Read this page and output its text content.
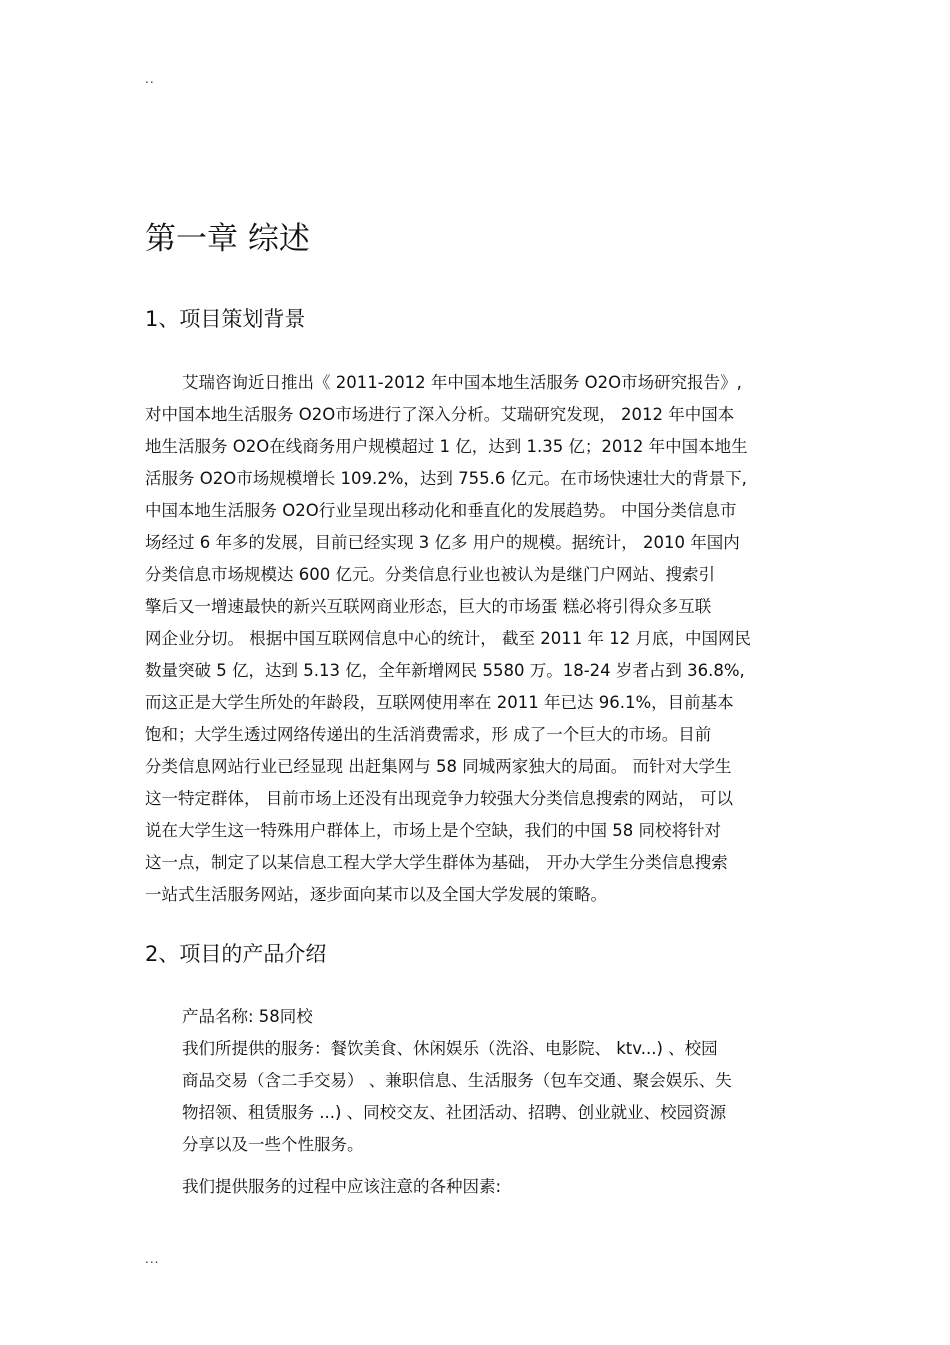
..
第一章 综述
1、项目策划背景
艾瑞咨询近日推出《 2011-2012 年中国本地生活服务 O2O市场研究报告》,
对中国本地生活服务 O2O市场进行了深入分析。艾瑞研究发现， 2012 年中国本
地生活服务 O2O在线商务用户规模超过 1 亿，达到 1.35 亿；2012 年中国本地生
活服务 O2O市场规模增长 109.2%，达到 755.6 亿元。在市场快速壮大的背景下,
中国本地生活服务 O2O行业呈现出移动化和垂直化的发展趋势。 中国分类信息市
场经过 6 年多的发展，目前已经实现 3 亿多 用户的规模。据统计， 2010 年国内
分类信息市场规模达 600 亿元。分类信息行业也被认为是继门户网站、搜索引
擎后又一增速最快的新兴互联网商业形态，巨大的市场蛋 糕必将引得众多互联
网企业分切。 根据中国互联网信息中心的统计， 截至 2011 年 12 月底，中国网民
数量突破 5 亿，达到 5.13 亿，全年新增网民 5580 万。18-24 岁者占到 36.8%,
而这正是大学生所处的年龄段，互联网使用率在 2011 年已达 96.1%，目前基本
饱和；大学生透过网络传递出的生活消费需求，形 成了一个巨大的市场。目前
分类信息网站行业已经显现 出赶集网与 58 同城两家独大的局面。 而针对大学生
这一特定群体， 目前市场上还没有出现竞争力较强大分类信息搜索的网站， 可以
说在大学生这一特殊用户群体上，市场上是个空缺，我们的中国 58 同校将针对
这一点，制定了以某信息工程大学大学生群体为基础， 开办大学生分类信息搜索
一站式生活服务网站，逐步面向某市以及全国大学发展的策略。
2、项目的产品介绍
产品名称: 58同校
我们所提供的服务：餐饮美食、休闲娱乐（洗浴、电影院、 ktv...) 、校园
商品交易（含二手交易） 、兼职信息、生活服务（包车交通、聚会娱乐、失
物招领、租赁服务 ...) 、同校交友、社团活动、招聘、创业就业、校园资源
分享以及一些个性服务。
我们提供服务的过程中应该注意的各种因素:
...
